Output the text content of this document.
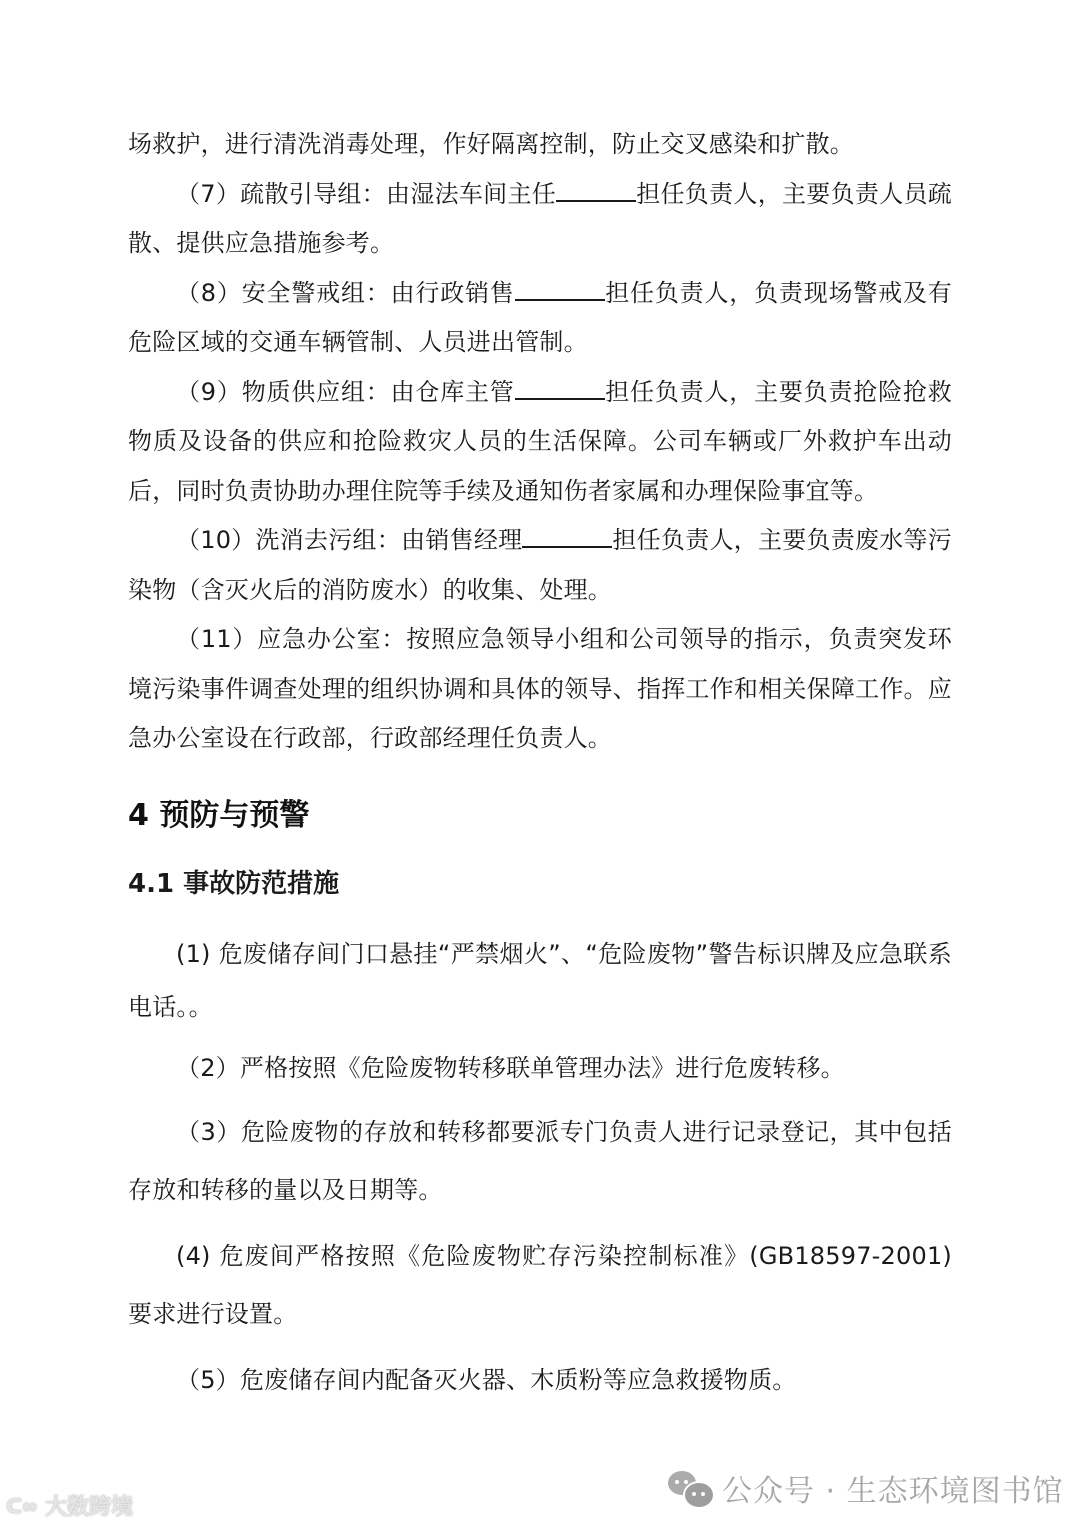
场救护，进行清洗消毒处理，作好隔离控制，防止交叉感染和扩散。

（7）疏散引导组：由湿法车间主任	担任负责人，主要负责人员疏散、提供应急措施参考。

（8）安全警戒组：由行政销售	担任负责人，负责现场警戒及有危险区域的交通车辆管制、人员进出管制。

（9）物质供应组：由仓库主管	担任负责人，主要负责抢险抢救物质及设备的供应和抢险救灾人员的生活保障。公司车辆或厂外救护车出动后，同时负责协助办理住院等手续及通知伤者家属和办理保险事宜等。

（10）洗消去污组：由销售经理	担任负责人，主要负责废水等污染物（含灭火后的消防废水）的收集、处理。

（11）应急办公室：按照应急领导小组和公司领导的指示，负责突发环境污染事件调查处理的组织协调和具体的领导、指挥工作和相关保障工作。应急办公室设在行政部，行政部经理任负责人。

4 预防与预警
4.1 事故防范措施

(1) 危废储存间门口悬挂“严禁烟火”、“危险废物”警告标识牌及应急联系电话。。

（2）严格按照《危险废物转移联单管理办法》进行危废转移。

（3）危险废物的存放和转移都要派专门负责人进行记录登记，其中包括存放和转移的量以及日期等。

(4) 危废间严格按照《危险废物贮存污染控制标准》(GB18597-2001) 要求进行设置。

（5）危废储存间内配备灭火器、木质粉等应急救援物质。

公众号 · 生态环境图书馆
ᑕ∞ 大数跨境
